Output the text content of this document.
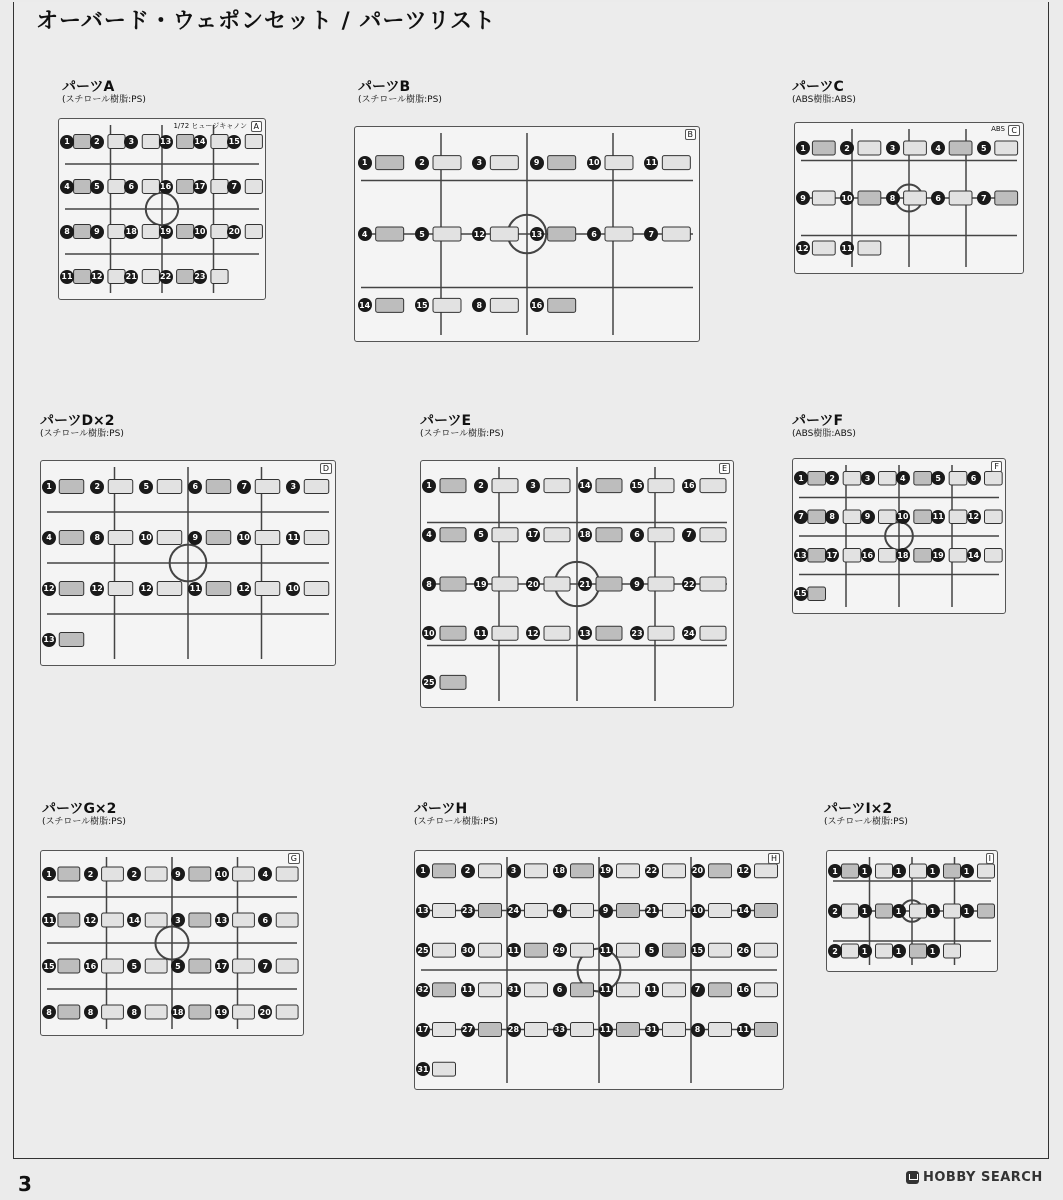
オーバード・ウェポンセット / パーツリスト
パーツA
(スチロール樹脂:PS)
A
1/72 ヒュージキャノン
1	2	3	13	14	15
4	5	6	16	17	7
8	9	18	19	10	20
11 12	21	22	23
パーツB
(スチロール樹脂:PS)
B
1	2	3	9	10	11
4	5	12	13	6	7
14	15	8	16
パーツC
(ABS樹脂:ABS)
C
ABS
1	2	3	4	5
9	10	8	6	7
12	11
パーツD×2
(スチロール樹脂:PS)
D
1	2	5	6	7	3
4	8	10	9	10	11
12	12	12	11	12	10
13
パーツE
(スチロール樹脂:PS)
E
1	2	3	14	15	16
4	5	17	18	6	7
8	19	20	21	9	22
10	11	12	13	23	24
25
パーツF
(ABS樹脂:ABS)
F
1	2	3	4	5	6
7	8	9	10	11	12
13	17	16	18	19	14
15
パーツG×2
(スチロール樹脂:PS)
G
1	2	2	9	10	4
11	12	14	3	13	6
15	16	5	5	17	7
8	8	8	18	19	20
パーツH
(スチロール樹脂:PS)
H
1	2	3	18	19	22	20	12
13	23	24	4	9	21	10	14
25	30	11	29	11	5	15	26
32	11	31	6	11	11	7	16
17	27	28	33	11	31	8	11
31
パーツI×2
(スチロール樹脂:PS)
I
1	1	1	1	1
2	1	1	1	1
2	1	1	1
3	HOBBY SEARCH
